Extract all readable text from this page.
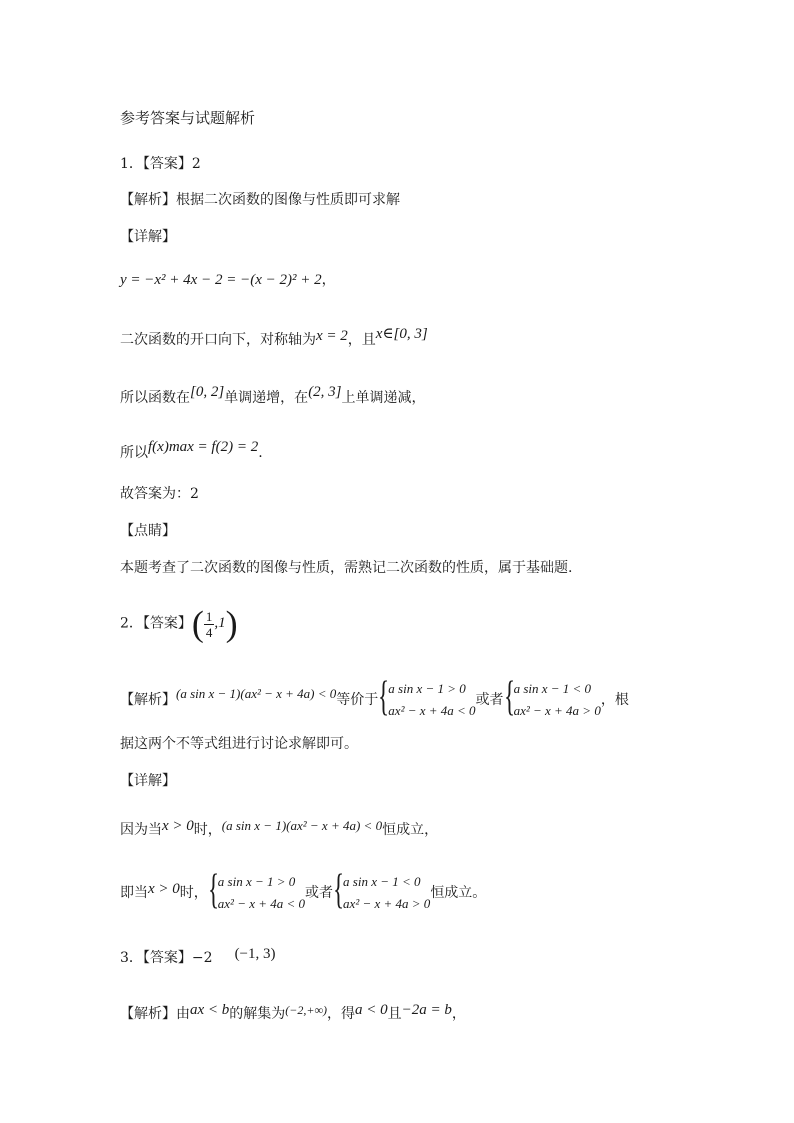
参考答案与试题解析
1．【答案】2
【解析】根据二次函数的图像与性质即可求解
【详解】
y = −x² + 4x − 2 = −(x − 2)² + 2，
二次函数的开口向下，对称轴为x = 2，且x∈[0, 3]
所以函数在[0, 2]单调递增，在(2, 3]上单调递减，
所以f(x)max = f(2) = 2.
故答案为：2
【点睛】
本题考查了二次函数的图像与性质，需熟记二次函数的性质，属于基础题.
2．【答案】( $\frac{1}{4} ,1$)
【解析】(a sin x − 1)(ax² − x + 4a) < 0等价于 {
a sin x − 1 > 0
ax² − x + 4a < 0
或者 {
a sin x − 1 < 0
ax² − x + 4a > 0
，根
据这两个不等式组进行讨论求解即可。
【详解】
因为当x > 0时，(a sin x − 1)(ax² − x + 4a) < 0恒成立，
即当x > 0时， {
a sin x − 1 > 0
ax² − x + 4a < 0
或者 {
a sin x − 1 < 0
ax² − x + 4a > 0
恒成立。
3．【答案】−2 (−1, 3)
【解析】由ax < b的解集为(−2,+∞)，得a < 0且−2a = b，
